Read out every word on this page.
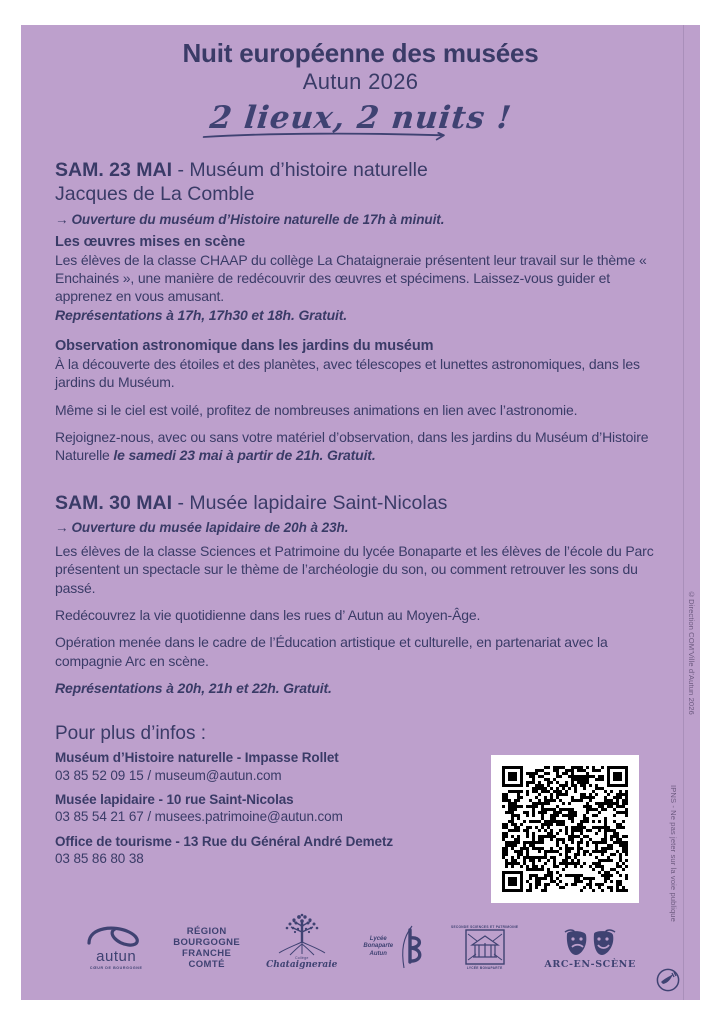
Nuit européenne des musées
Autun 2026
2 lieux, 2 nuits !
SAM. 23 MAI - Muséum d’histoire naturelle
Jacques de La Comble
→ Ouverture du muséum d’Histoire naturelle de 17h à minuit.
Les œuvres mises en scène
Les élèves de la classe CHAAP du collège La Chataigneraie présentent leur travail sur le thème « Enchainés », une manière de redécouvrir des œuvres et spécimens. Laissez-vous guider et apprenez en vous amusant.
Représentations à 17h, 17h30 et 18h. Gratuit.
Observation astronomique dans les jardins du muséum
À la découverte des étoiles et des planètes, avec télescopes et lunettes astronomiques, dans les jardins du Muséum.
Même si le ciel est voilé, profitez de nombreuses animations en lien avec l’astronomie.
Rejoignez-nous, avec ou sans votre matériel d’observation, dans les jardins du Muséum d’Histoire Naturelle le samedi 23 mai à partir de 21h. Gratuit.
SAM. 30 MAI - Musée lapidaire Saint-Nicolas
→ Ouverture du musée lapidaire de 20h à 23h.
Les élèves de la classe Sciences et Patrimoine du lycée Bonaparte et les élèves de l’école du Parc présentent un spectacle sur le thème de l’archéologie du son, ou comment retrouver les sons du passé.
Redécouvrez la vie quotidienne dans les rues d’ Autun au Moyen-Âge.
Opération menée dans le cadre de l’Éducation artistique et culturelle, en partenariat avec la compagnie Arc en scène.
Représentations à 20h, 21h et 22h. Gratuit.
Pour plus d’infos :
Muséum d’Histoire naturelle - Impasse Rollet
03 85 52 09 15 / museum@autun.com
Musée lapidaire - 10 rue Saint-Nicolas
03 85 54 21 67 / musees.patrimoine@autun.com
Office de tourisme - 13 Rue du Général André Demetz
03 85 86 80 38
autun
CŒUR DE BOURGOGNE
RÉGION
BOURGOGNE
FRANCHE
COMTÉ
Collège
Chataigneraie
Lycée
Bonaparte
Autun
SECONDE SCIENCES ET PATRIMOINE
LYCÉE BONAPARTE	ARC-EN-SCÈNE
©Direction COM’Ville d’Autun 2026
IPNS - Ne pas jeter sur la voie publique
